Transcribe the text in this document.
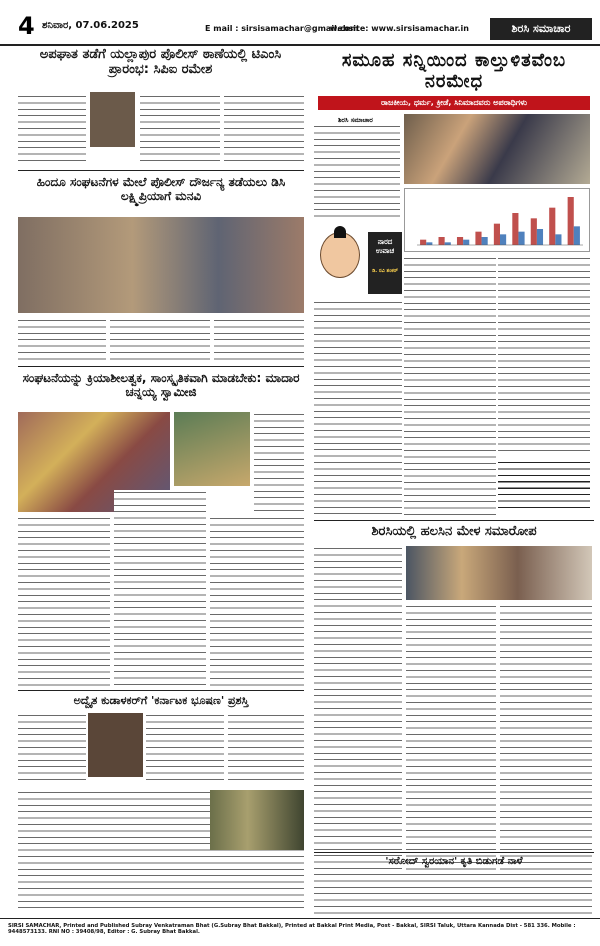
4 ಶನಿವಾರ, 07.06.2025	E mail : sirsisamachar@gmail.com
website: www.sirsisamachar.in	ಶಿರಸಿ ಸಮಾಚಾರ
ಅಪಘಾತ ತಡೆಗೆ ಯಲ್ಲಾಪುರ ಪೊಲೀಸ್ ಠಾಣೆಯಲ್ಲಿ ಟಿಎಂಸಿ ಪ್ರಾರಂಭ: ಸಿಪಿಐ ರಮೇಶ
ಹಿಂದೂ ಸಂಘಟನೆಗಳ ಮೇಲೆ ಪೊಲೀಸ್ ದೌರ್ಜನ್ಯ ತಡೆಯಲು ಡಿಸಿ ಲಕ್ಷ್ಮಿಪ್ರಿಯಾಗೆ ಮನವಿ
ಸಂಘಟನೆಯನ್ನು ಕ್ರಿಯಾಶೀಲತ್ವಕ, ಸಾಂಸ್ಕೃತಿಕವಾಗಿ ಮಾಡಬೇಕು: ಮಾದಾರ ಚನ್ನಯ್ಯ ಸ್ವಾಮೀಜಿ
ಅದ್ವೈತ ಕುಡಾಳಕರ್‌ಗೆ 'ಕರ್ನಾಟಕ ಭೂಷಣ' ಪ್ರಶಸ್ತಿ
ಸಮೂಹ ಸನ್ನಿಯಿಂದ ಕಾಲ್ತುಳಿತವೆಂಬ ನರಮೇಧ
ರಾಜಕೀಯ, ಧರ್ಮ, ಕ್ರೀಡೆ, ಸಿನಿಮಾದವರು ಅಪರಾಧಿಗಳು
ಶಿರಸಿ ಸಮಾಚಾರ
ನಾರದ ಉವಾಚ
ಡಿ. ರವಿ ಶಂಕರ್
ಶಿರಸಿಯಲ್ಲಿ ಹಲಸಿನ ಮೇಳ ಸಮಾರೋಪ
'ಸರೋದ್ ಸ್ವರಯಾನ' ಕೃತಿ ಬಿಡುಗಡೆ ನಾಳೆ
SIRSI SAMACHAR, Printed and Published Subray Venkatraman Bhat (G.Subray Bhat Bakkal), Printed at Bakkal Print Media, Post - Bakkal, SIRSI Taluk, Uttara Kannada Dist - 581 336. Mobile : 9448573133. RNI NO : 39408/98, Editor : G. Subray Bhat Bakkal.
